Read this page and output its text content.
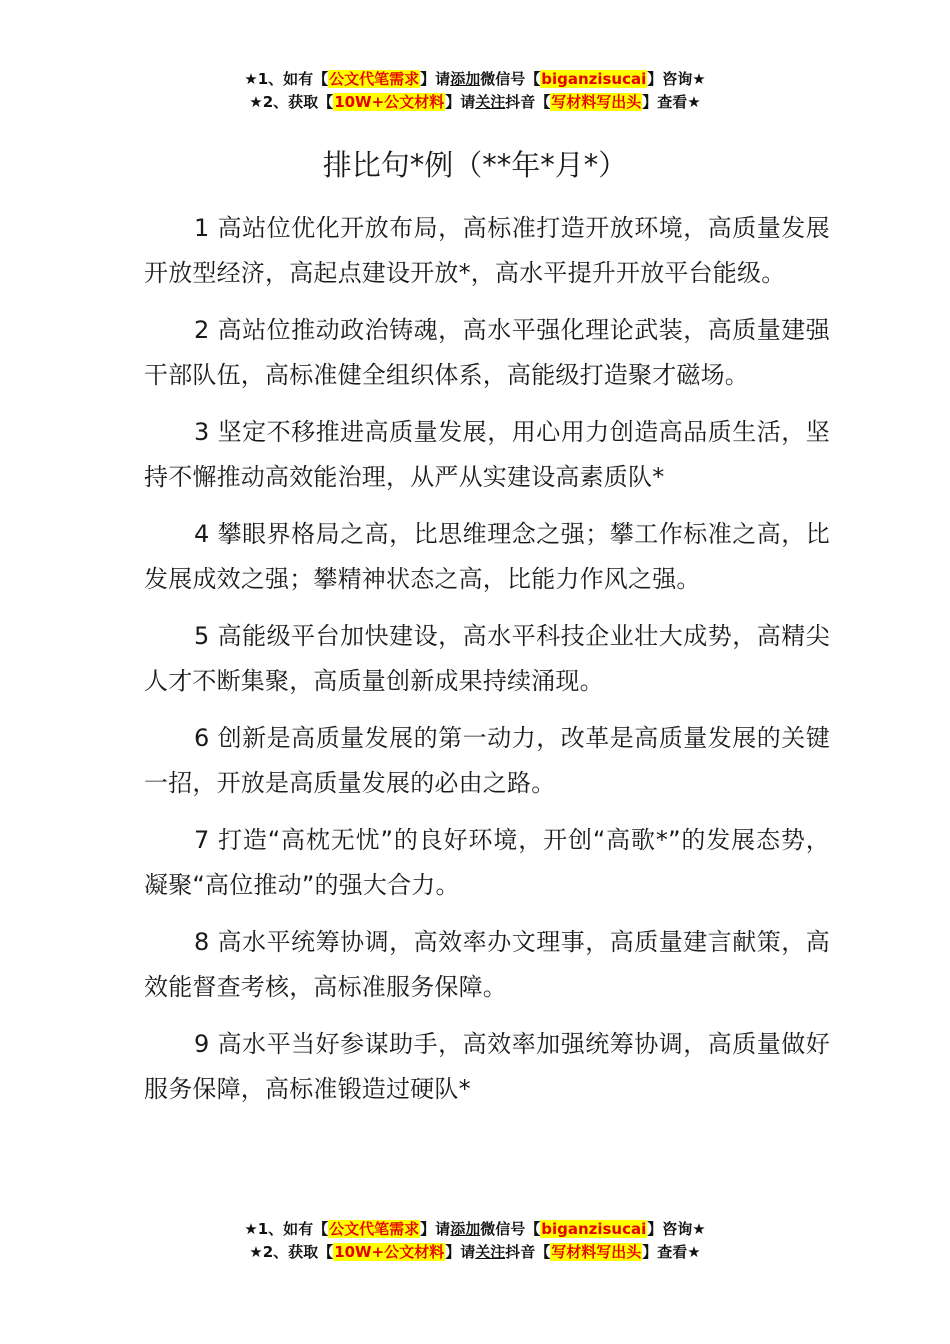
★1、如有【公文代笔需求】请添加微信号【biganzisucai】咨询★
★2、获取【10W+公文材料】请关注抖音【写材料写出头】查看★
排比句*例（**年*月*）

1 高站位优化开放布局，高标准打造开放环境，高质量发展开放型经济，高起点建设开放*，高水平提升开放平台能级。

2 高站位推动政治铸魂，高水平强化理论武装，高质量建强干部队伍，高标准健全组织体系，高能级打造聚才磁场。

3 坚定不移推进高质量发展，用心用力创造高品质生活，坚持不懈推动高效能治理，从严从实建设高素质队*

4 攀眼界格局之高，比思维理念之强；攀工作标准之高，比发展成效之强；攀精神状态之高，比能力作风之强。

5 高能级平台加快建设，高水平科技企业壮大成势，高精尖人才不断集聚，高质量创新成果持续涌现。

6 创新是高质量发展的第一动力，改革是高质量发展的关键一招，开放是高质量发展的必由之路。

7 打造“高枕无忧”的良好环境，开创“高歌*”的发展态势，凝聚“高位推动”的强大合力。

8 高水平统筹协调，高效率办文理事，高质量建言献策，高效能督查考核，高标准服务保障。

9 高水平当好参谋助手，高效率加强统筹协调，高质量做好服务保障，高标准锻造过硬队*

★1、如有【公文代笔需求】请添加微信号【biganzisucai】咨询★
★2、获取【10W+公文材料】请关注抖音【写材料写出头】查看★
